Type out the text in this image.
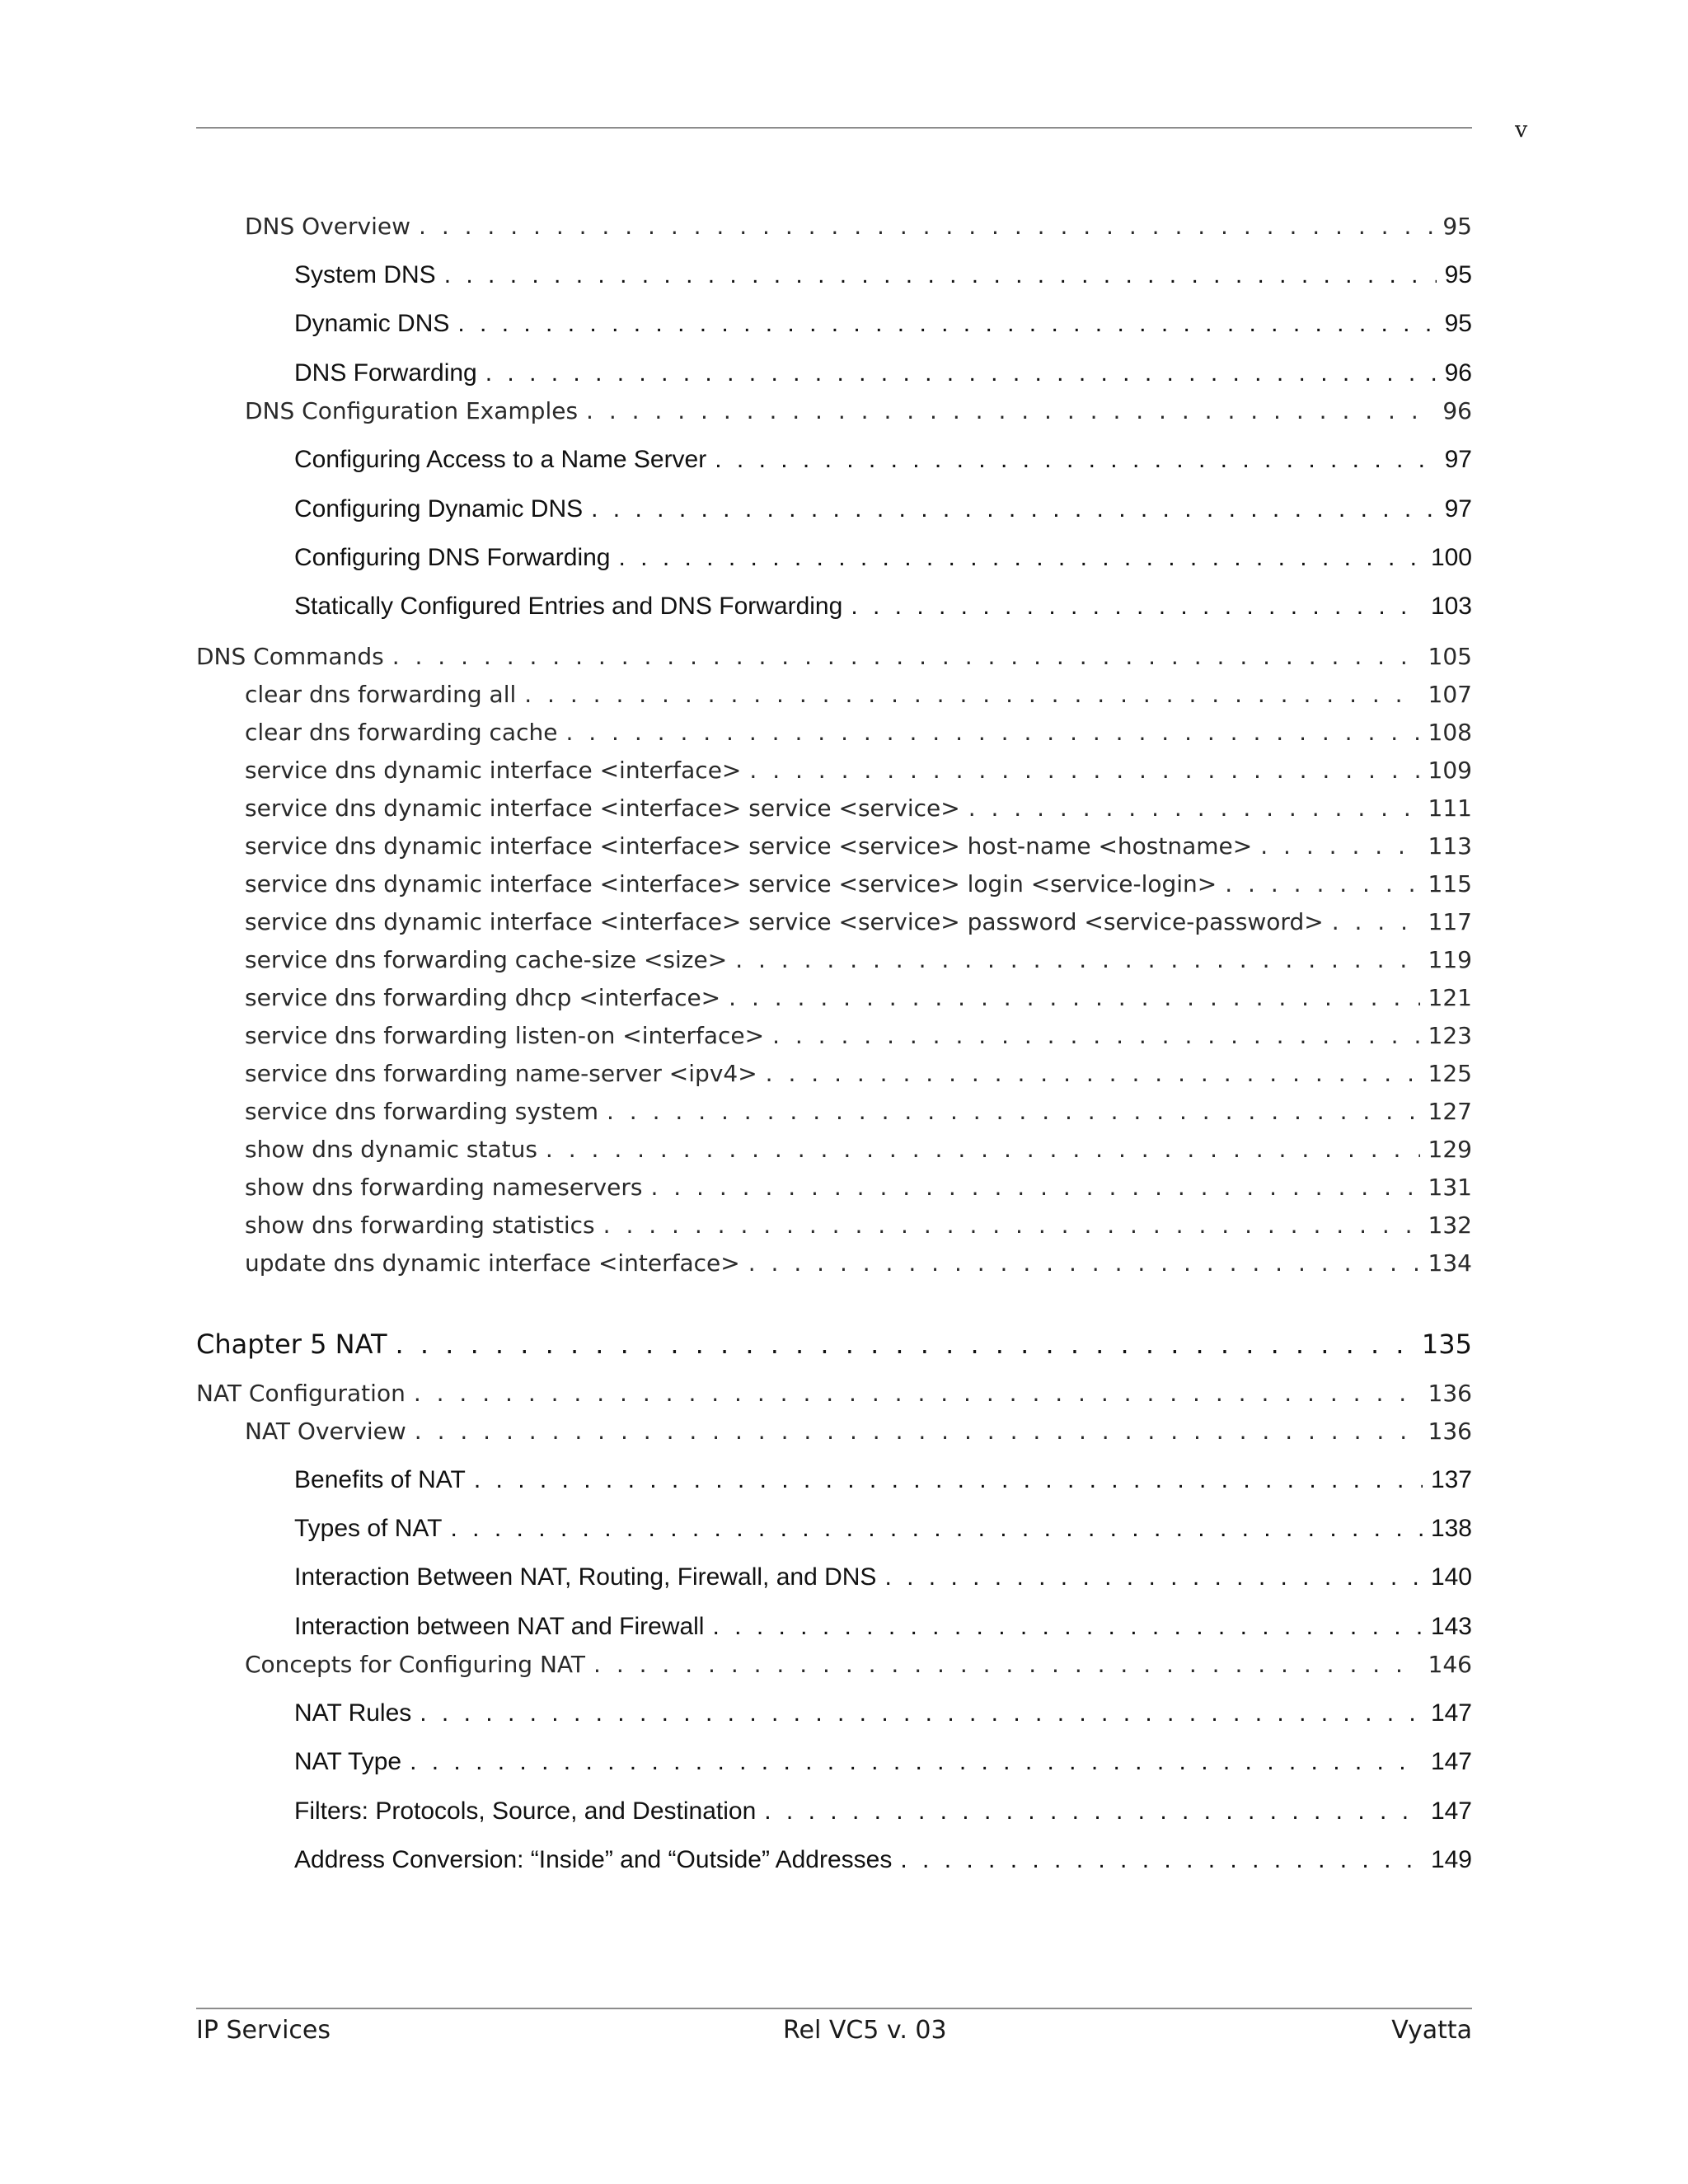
v
DNS Overview . . .	95
System DNS . . .	95
Dynamic DNS . . .	95
DNS Forwarding . . .	96
DNS Configuration Examples . . .	96
Configuring Access to a Name Server . . .	97
Configuring Dynamic DNS . . .	97
Configuring DNS Forwarding . . .	100
Statically Configured Entries and DNS Forwarding . . .	103
DNS Commands . . .	105
clear dns forwarding all . . .	107
clear dns forwarding cache . . .	108
service dns dynamic interface <interface> . . .	109
service dns dynamic interface <interface> service <service> . . .	111
service dns dynamic interface <interface> service <service> host-name <hostname> . . .	113
service dns dynamic interface <interface> service <service> login <service-login> . . .	115
service dns dynamic interface <interface> service <service> password <service-password> . . .	117
service dns forwarding cache-size <size> . . .	119
service dns forwarding dhcp <interface> . . .	121
service dns forwarding listen-on <interface> . . .	123
service dns forwarding name-server <ipv4> . . .	125
service dns forwarding system . . .	127
show dns dynamic status . . .	129
show dns forwarding nameservers . . .	131
show dns forwarding statistics . . .	132
update dns dynamic interface <interface> . . .	134
Chapter 5 NAT . . .	135
NAT Configuration . . .	136
NAT Overview . . .	136
Benefits of NAT . . .	137
Types of NAT . . .	138
Interaction Between NAT, Routing, Firewall, and DNS . . .	140
Interaction between NAT and Firewall . . .	143
Concepts for Configuring NAT . . .	146
NAT Rules . . .	147
NAT Type . . .	147
Filters: Protocols, Source, and Destination . . .	147
Address Conversion: “Inside” and “Outside” Addresses . . .	149
IP Services	Rel VC5 v. 03	Vyatta
